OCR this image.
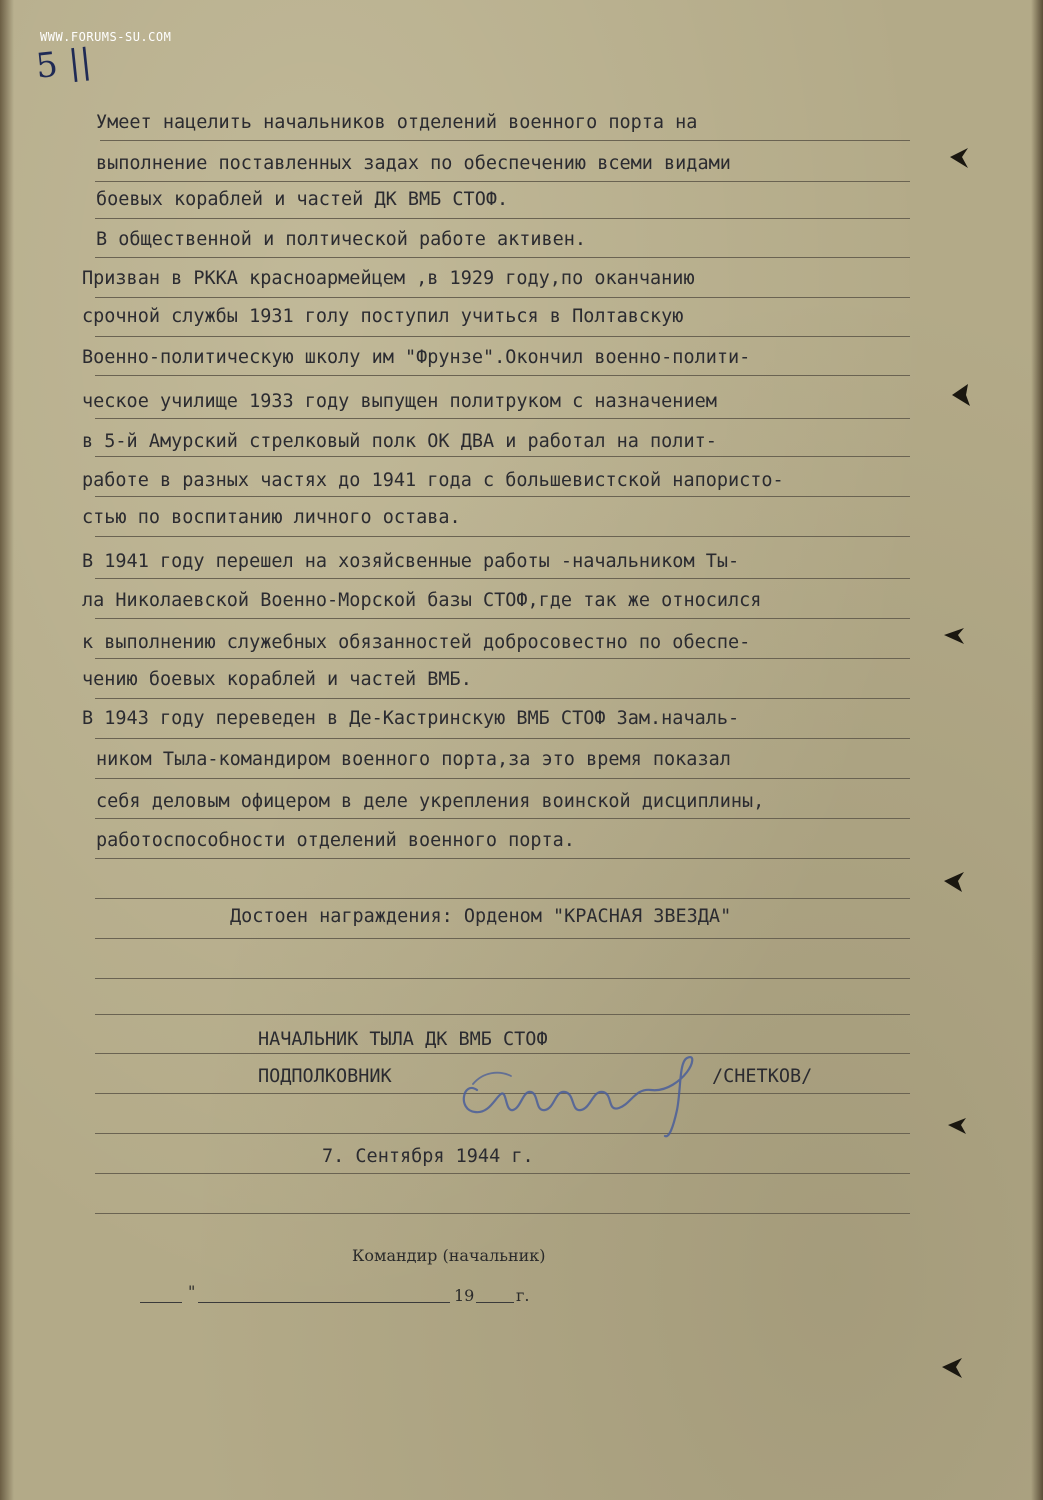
WWW.FORUMS-SU.COM
5 ||
Умеет нацелить начальников отделений военного порта на
выполнение поставленных задах по обеспечению всеми видами
боевых кораблей и частей ДК ВМБ СТОФ.
В общественной и полтической работе активен.
Призван в РККА красноармейцем ,в 1929 году,по оканчанию
срочной службы 1931 голу поступил учиться в Полтавскую
Военно-политическую школу им "Фрунзе".Окончил военно-полити-
ческое училище 1933 году выпущен политруком с назначением
в 5-й Амурский стрелковый полк ОК ДВА и работал на полит-
работе в разных частях до 1941 года с большевистской напористо-
стью по воспитанию личного остава.
В 1941 году перешел на хозяйсвенные работы -начальником Ты-
ла Николаевской Военно-Морской базы СТОФ,где так же относился
к выполнению служебных обязанностей добросовестно по обеспе-
чению боевых кораблей и частей ВМБ.
В 1943 году переведен в Де-Кастринскую ВМБ СТОФ Зам.началь-
ником Тыла-командиром военного порта,за это время показал
себя деловым офицером в деле укрепления воинской дисциплины,
работоспособности отделений военного порта.
Достоен награждения: Орденом "КРАСНАЯ ЗВЕЗДА"
НАЧАЛЬНИК ТЫЛА ДК ВМБ СТОФ
ПОДПОЛКОВНИК	/СНЕТКОВ/
7. Сентября 1944 г.
Командир (начальник)
"	19	г.
